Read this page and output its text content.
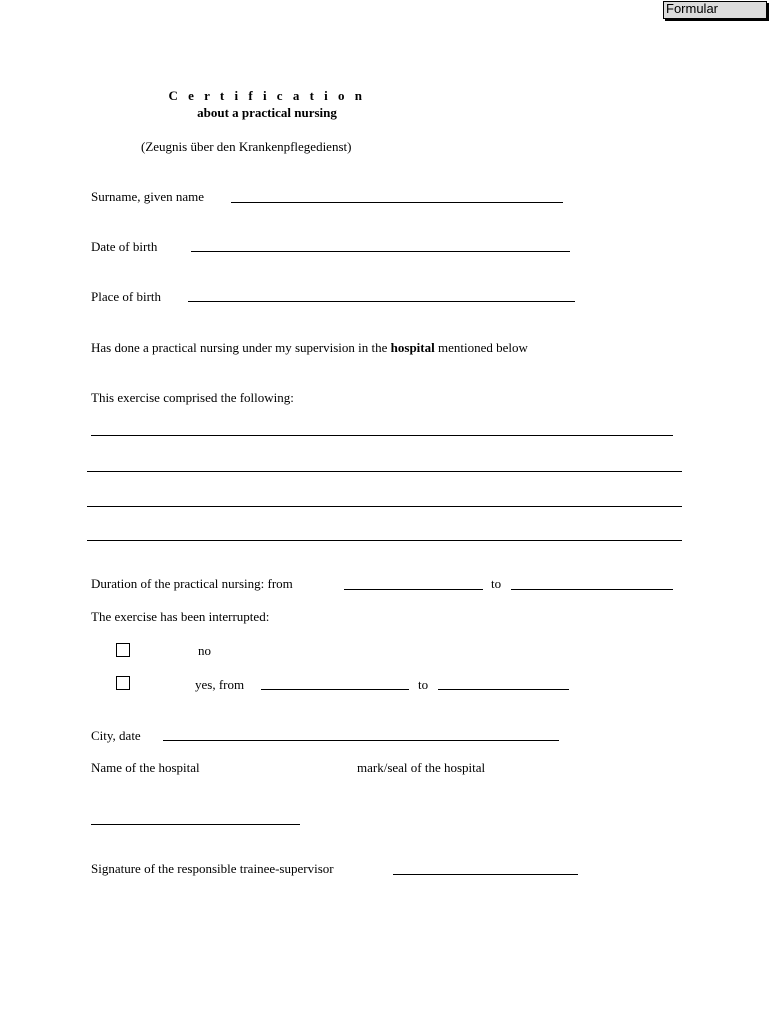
Formular
C e r t i f i c a t i o n
about a practical nursing
(Zeugnis über den Krankenpflegedienst)
Surname, given name
Date of birth
Place of birth
Has done a practical nursing under my supervision in the hospital mentioned below
This exercise comprised the following:
Duration of the practical nursing: from	to
The exercise has been interrupted:
no
yes, from	to
City, date
Name of the hospital	mark/seal of the hospital
Signature of the responsible trainee-supervisor
